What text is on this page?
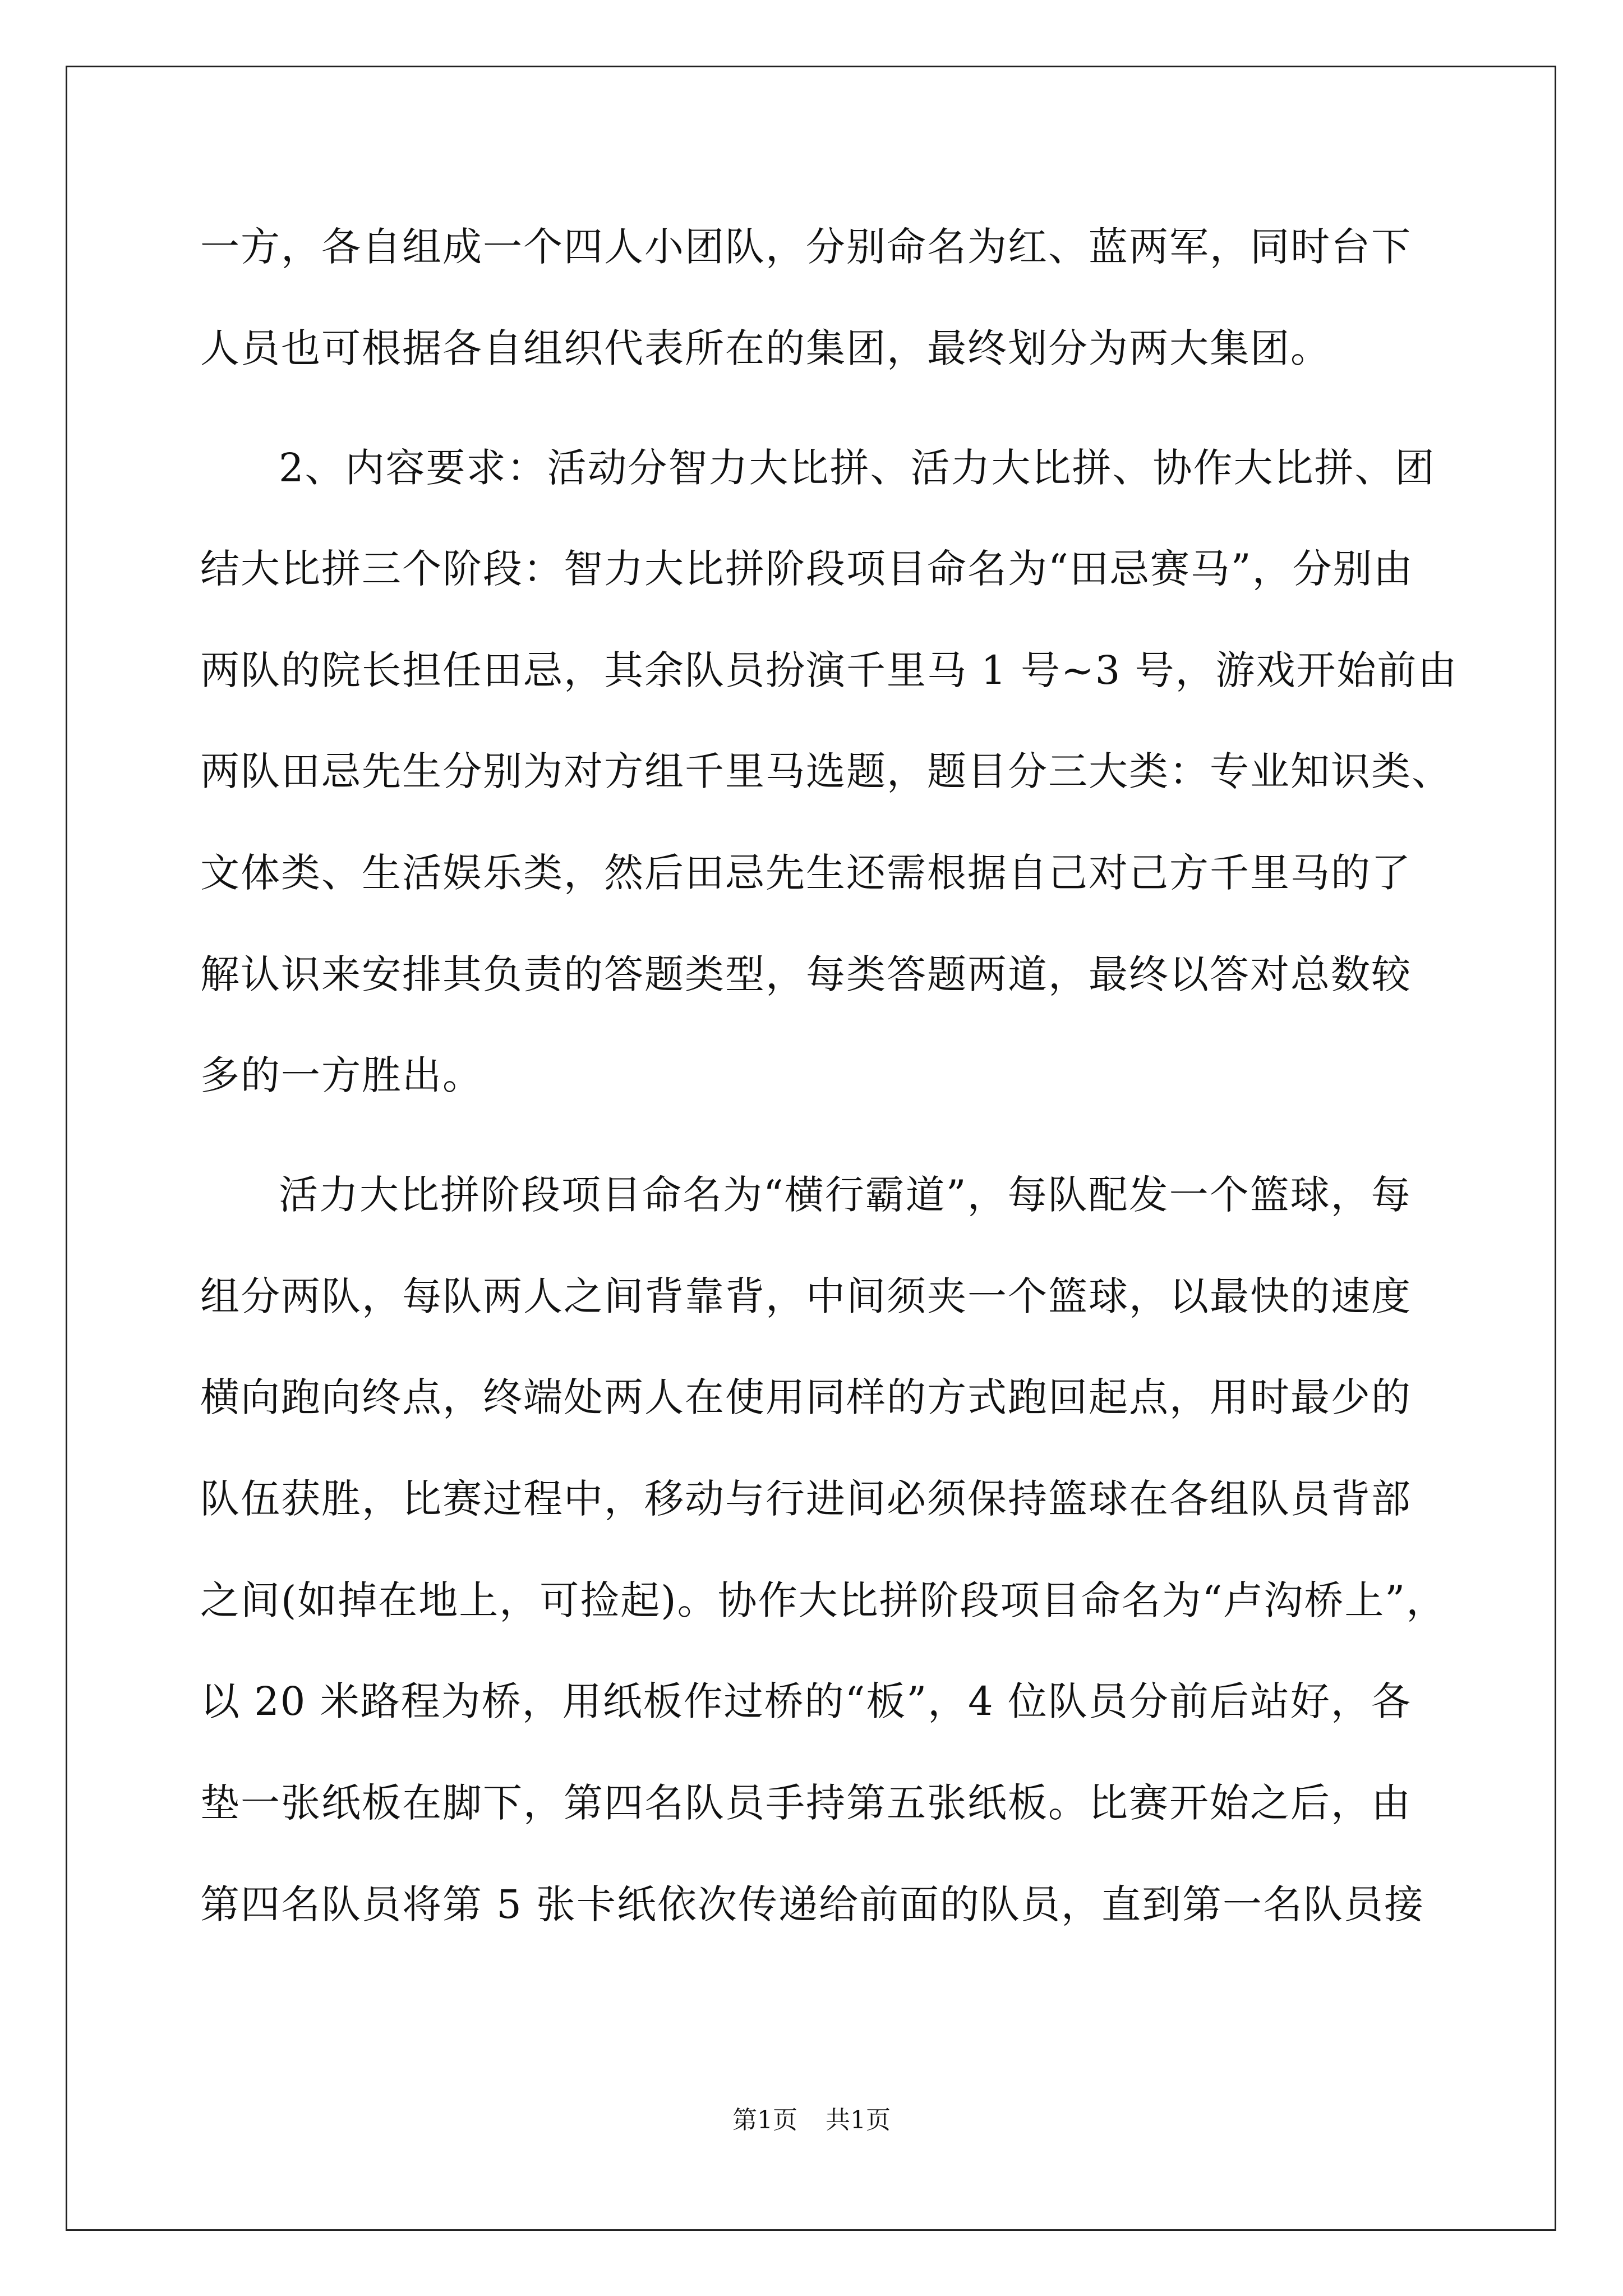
一方，各自组成一个四人小团队，分别命名为红、蓝两军，同时台下
人员也可根据各自组织代表所在的集团，最终划分为两大集团。
2、内容要求：活动分智力大比拼、活力大比拼、协作大比拼、团
结大比拼三个阶段：智力大比拼阶段项目命名为“田忌赛马”，分别由
两队的院长担任田忌，其余队员扮演千里马 1 号~3 号，游戏开始前由
两队田忌先生分别为对方组千里马选题，题目分三大类：专业知识类、
文体类、生活娱乐类，然后田忌先生还需根据自己对己方千里马的了
解认识来安排其负责的答题类型，每类答题两道，最终以答对总数较
多的一方胜出。
活力大比拼阶段项目命名为“横行霸道”，每队配发一个篮球，每
组分两队，每队两人之间背靠背，中间须夹一个篮球，以最快的速度
横向跑向终点，终端处两人在使用同样的方式跑回起点，用时最少的
队伍获胜，比赛过程中，移动与行进间必须保持篮球在各组队员背部
之间(如掉在地上，可捡起)。协作大比拼阶段项目命名为“卢沟桥上”，
以 20 米路程为桥，用纸板作过桥的“板”，4 位队员分前后站好，各
垫一张纸板在脚下，第四名队员手持第五张纸板。比赛开始之后，由
第四名队员将第 5 张卡纸依次传递给前面的队员，直到第一名队员接
第1页 共1页
